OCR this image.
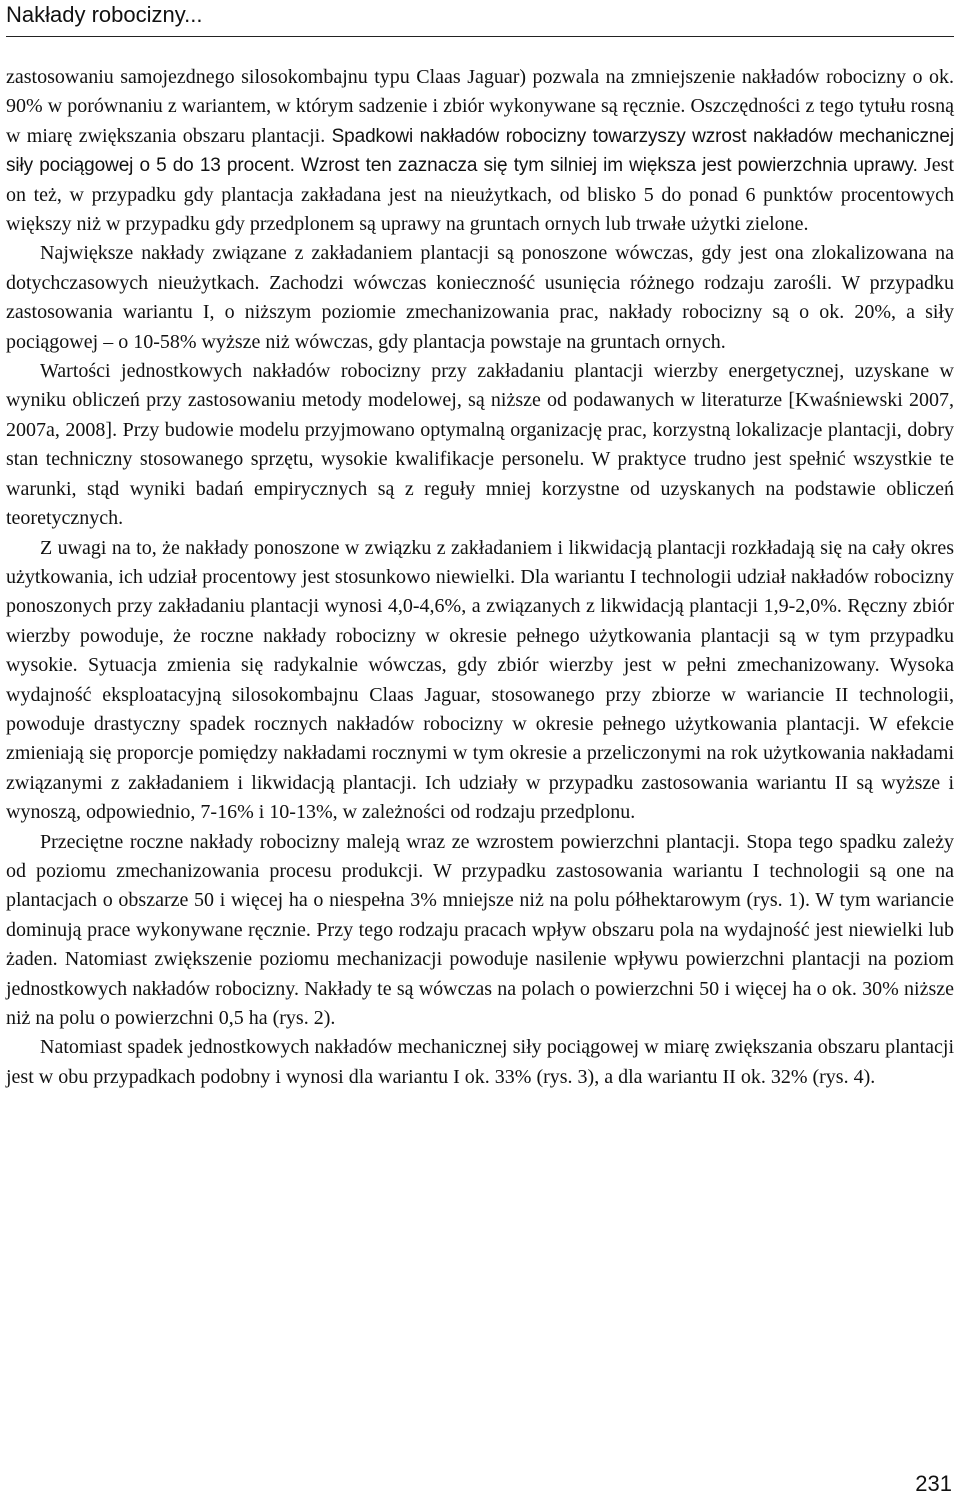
Nakłady robocizny...

zastosowaniu samojezdnego silosokombajnu typu Claas Jaguar) pozwala na zmniejszenie nakładów robocizny o ok. 90% w porównaniu z wariantem, w którym sadzenie i zbiór wykonywane są ręcznie. Oszczędności z tego tytułu rosną w miarę zwiększania obszaru plantacji. Spadkowi nakładów robocizny towarzyszy wzrost nakładów mechanicznej siły pociągowej o 5 do 13 procent. Wzrost ten zaznacza się tym silniej im większa jest powierzchnia uprawy. Jest on też, w przypadku gdy plantacja zakładana jest na nieużytkach, od blisko 5 do ponad 6 punktów procentowych większy niż w przypadku gdy przedplonem są uprawy na gruntach ornych lub trwałe użytki zielone.

Największe nakłady związane z zakładaniem plantacji są ponoszone wówczas, gdy jest ona zlokalizowana na dotychczasowych nieużytkach. Zachodzi wówczas konieczność usunięcia różnego rodzaju zarośli. W przypadku zastosowania wariantu I, o niższym poziomie zmechanizowania prac, nakłady robocizny są o ok. 20%, a siły pociągowej – o 10-58% wyższe niż wówczas, gdy plantacja powstaje na gruntach ornych.

Wartości jednostkowych nakładów robocizny przy zakładaniu plantacji wierzby energetycznej, uzyskane w wyniku obliczeń przy zastosowaniu metody modelowej, są niższe od podawanych w literaturze [Kwaśniewski 2007, 2007a, 2008]. Przy budowie modelu przyjmowano optymalną organizację prac, korzystną lokalizacje plantacji, dobry stan techniczny stosowanego sprzętu, wysokie kwalifikacje personelu. W praktyce trudno jest spełnić wszystkie te warunki, stąd wyniki badań empirycznych są z reguły mniej korzystne od uzyskanych na podstawie obliczeń teoretycznych.

Z uwagi na to, że nakłady ponoszone w związku z zakładaniem i likwidacją plantacji rozkładają się na cały okres użytkowania, ich udział procentowy jest stosunkowo niewielki. Dla wariantu I technologii udział nakładów robocizny ponoszonych przy zakładaniu plantacji wynosi 4,0-4,6%, a związanych z likwidacją plantacji 1,9-2,0%. Ręczny zbiór wierzby powoduje, że roczne nakłady robocizny w okresie pełnego użytkowania plantacji są w tym przypadku wysokie. Sytuacja zmienia się radykalnie wówczas, gdy zbiór wierzby jest w pełni zmechanizowany. Wysoka wydajność eksploatacyjną silosokombajnu Claas Jaguar, stosowanego przy zbiorze w wariancie II technologii, powoduje drastyczny spadek rocznych nakładów robocizny w okresie pełnego użytkowania plantacji. W efekcie zmieniają się proporcje pomiędzy nakładami rocznymi w tym okresie a przeliczonymi na rok użytkowania nakładami związanymi z zakładaniem i likwidacją plantacji. Ich udziały w przypadku zastosowania wariantu II są wyższe i wynoszą, odpowiednio, 7-16% i 10-13%, w zależności od rodzaju przedplonu.

Przeciętne roczne nakłady robocizny maleją wraz ze wzrostem powierzchni plantacji. Stopa tego spadku zależy od poziomu zmechanizowania procesu produkcji. W przypadku zastosowania wariantu I technologii są one na plantacjach o obszarze 50 i więcej ha o niespełna 3% mniejsze niż na polu półhektarowym (rys. 1). W tym wariancie dominują prace wykonywane ręcznie. Przy tego rodzaju pracach wpływ obszaru pola na wydajność jest niewielki lub żaden. Natomiast zwiększenie poziomu mechanizacji powoduje nasilenie wpływu powierzchni plantacji na poziom jednostkowych nakładów robocizny. Nakłady te są wówczas na polach o powierzchni 50 i więcej ha o ok. 30% niższe niż na polu o powierzchni 0,5 ha (rys. 2).

Natomiast spadek jednostkowych nakładów mechanicznej siły pociągowej w miarę zwiększania obszaru plantacji jest w obu przypadkach podobny i wynosi dla wariantu I ok. 33% (rys. 3), a dla wariantu II ok. 32% (rys. 4).

231
